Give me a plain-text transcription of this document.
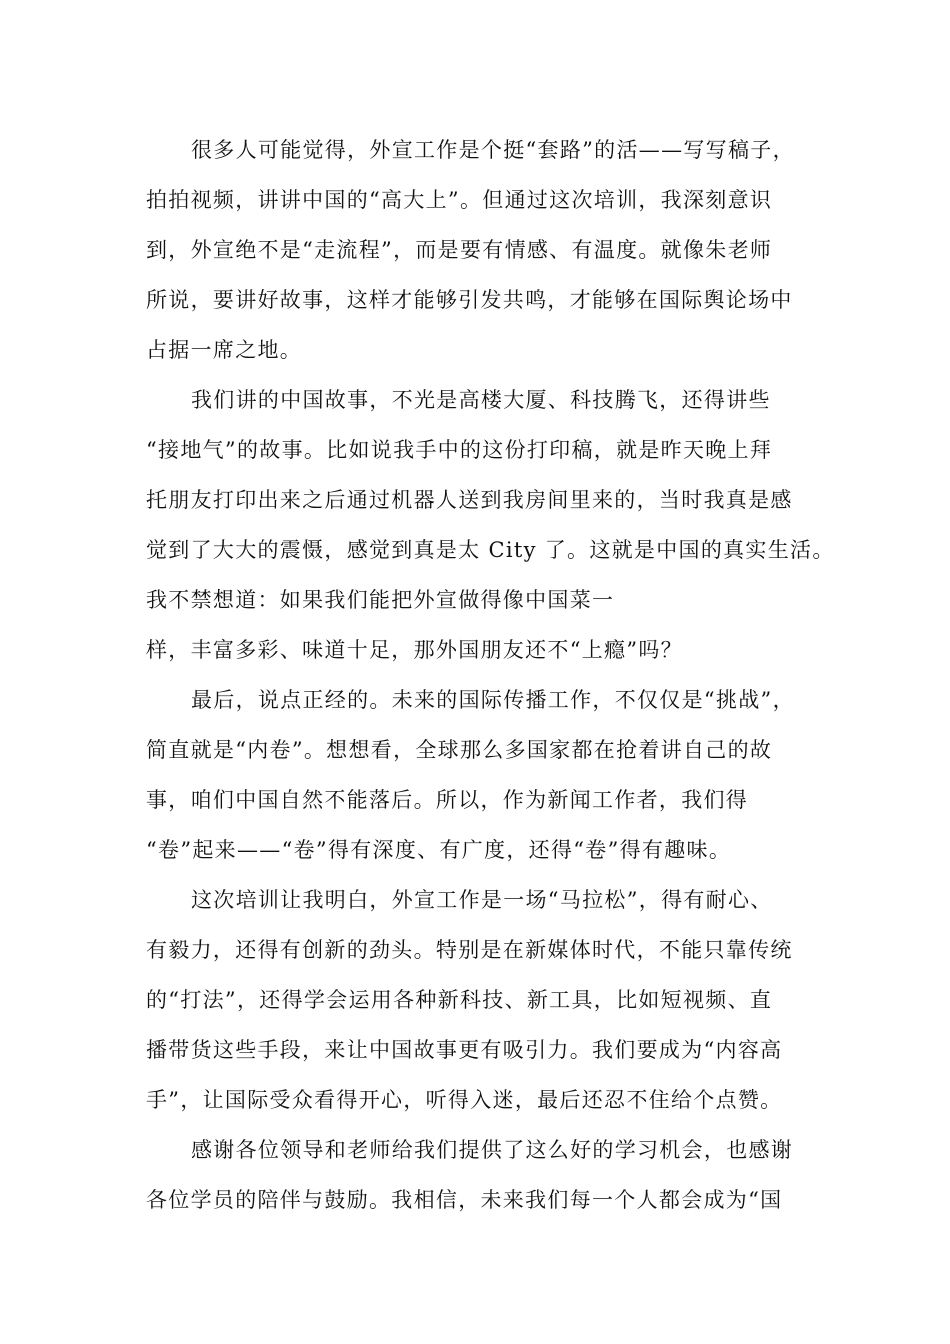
很多人可能觉得，外宣工作是个挺“套路”的活——写写稿子，
拍拍视频，讲讲中国的“高大上”。但通过这次培训，我深刻意识
到，外宣绝不是“走流程”，而是要有情感、有温度。就像朱老师
所说，要讲好故事，这样才能够引发共鸣，才能够在国际舆论场中
占据一席之地。
我们讲的中国故事，不光是高楼大厦、科技腾飞，还得讲些
“接地气”的故事。比如说我手中的这份打印稿，就是昨天晚上拜
托朋友打印出来之后通过机器人送到我房间里来的，当时我真是感
觉到了大大的震慑，感觉到真是太 City 了。这就是中国的真实生活。
我不禁想道：如果我们能把外宣做得像中国菜一
样，丰富多彩、味道十足，那外国朋友还不“上瘾”吗？
最后，说点正经的。未来的国际传播工作，不仅仅是“挑战”，
简直就是“内卷”。想想看，全球那么多国家都在抢着讲自己的故
事，咱们中国自然不能落后。所以，作为新闻工作者，我们得
“卷”起来——“卷”得有深度、有广度，还得“卷”得有趣味。
这次培训让我明白，外宣工作是一场“马拉松”，得有耐心、
有毅力，还得有创新的劲头。特别是在新媒体时代，不能只靠传统
的“打法”，还得学会运用各种新科技、新工具，比如短视频、直
播带货这些手段，来让中国故事更有吸引力。我们要成为“内容高
手”，让国际受众看得开心，听得入迷，最后还忍不住给个点赞。
感谢各位领导和老师给我们提供了这么好的学习机会，也感谢
各位学员的陪伴与鼓励。我相信，未来我们每一个人都会成为“国
